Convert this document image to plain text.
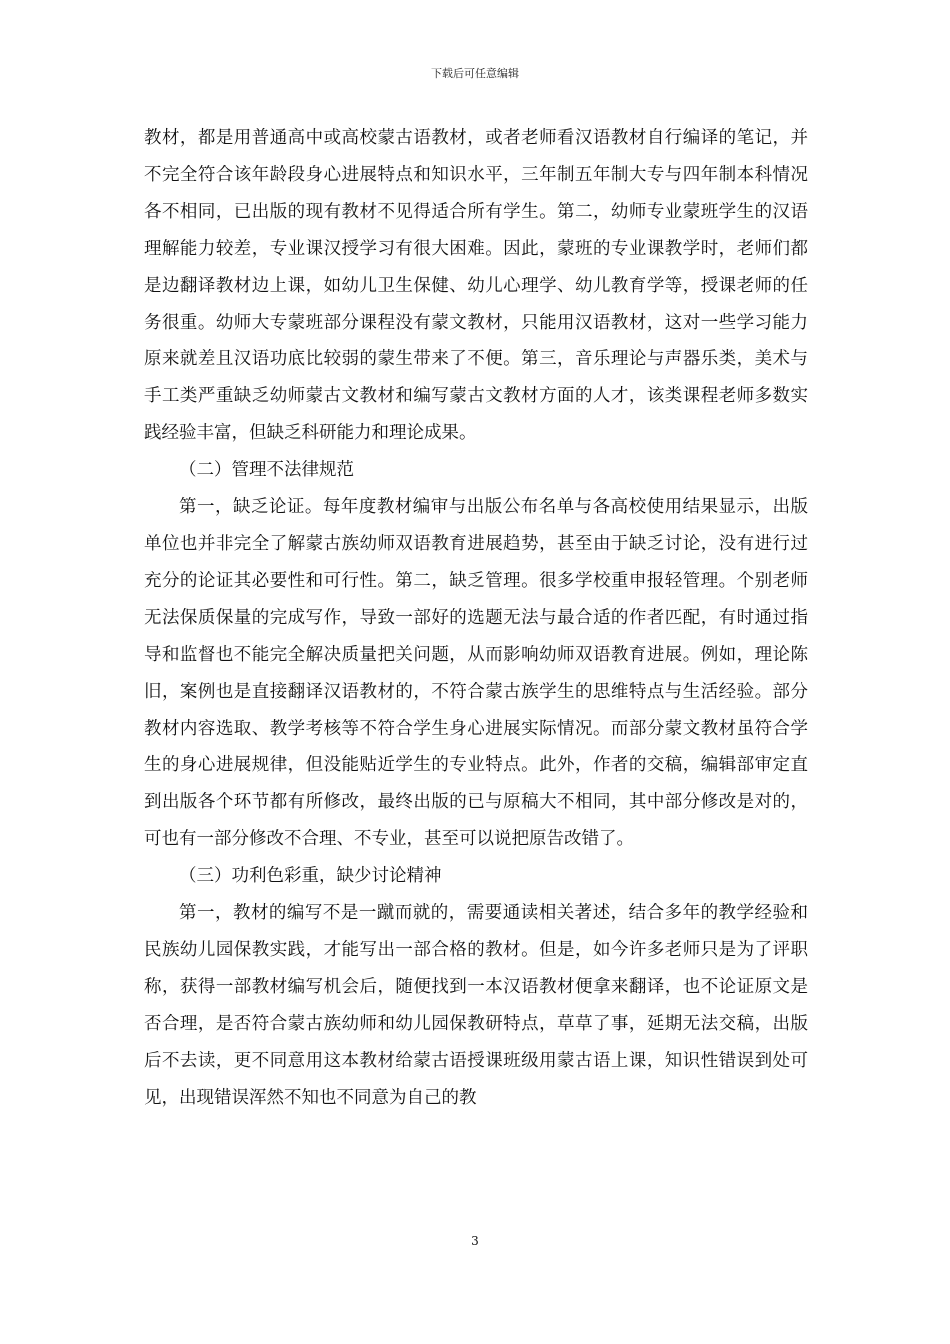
下载后可任意编辑

教材，都是用普通高中或高校蒙古语教材，或者老师看汉语教材自行编译的笔记，并不完全符合该年龄段身心进展特点和知识水平，三年制五年制大专与四年制本科情况各不相同，已出版的现有教材不见得适合所有学生。第二，幼师专业蒙班学生的汉语理解能力较差，专业课汉授学习有很大困难。因此，蒙班的专业课教学时，老师们都是边翻译教材边上课，如幼儿卫生保健、幼儿心理学、幼儿教育学等，授课老师的任务很重。幼师大专蒙班部分课程没有蒙文教材，只能用汉语教材，这对一些学习能力原来就差且汉语功底比较弱的蒙生带来了不便。第三，音乐理论与声器乐类，美术与手工类严重缺乏幼师蒙古文教材和编写蒙古文教材方面的人才，该类课程老师多数实践经验丰富，但缺乏科研能力和理论成果。

（二）管理不法律规范

第一，缺乏论证。每年度教材编审与出版公布名单与各高校使用结果显示，出版单位也并非完全了解蒙古族幼师双语教育进展趋势，甚至由于缺乏讨论，没有进行过充分的论证其必要性和可行性。第二，缺乏管理。很多学校重申报轻管理。个别老师无法保质保量的完成写作，导致一部好的选题无法与最合适的作者匹配，有时通过指导和监督也不能完全解决质量把关问题，从而影响幼师双语教育进展。例如，理论陈旧，案例也是直接翻译汉语教材的，不符合蒙古族学生的思维特点与生活经验。部分教材内容选取、教学考核等不符合学生身心进展实际情况。而部分蒙文教材虽符合学生的身心进展规律，但没能贴近学生的专业特点。此外，作者的交稿，编辑部审定直到出版各个环节都有所修改，最终出版的已与原稿大不相同，其中部分修改是对的，可也有一部分修改不合理、不专业，甚至可以说把原告改错了。

（三）功利色彩重，缺少讨论精神

第一，教材的编写不是一蹴而就的，需要通读相关著述，结合多年的教学经验和民族幼儿园保教实践，才能写出一部合格的教材。但是，如今许多老师只是为了评职称，获得一部教材编写机会后，随便找到一本汉语教材便拿来翻译，也不论证原文是否合理，是否符合蒙古族幼师和幼儿园保教研特点，草草了事，延期无法交稿，出版后不去读，更不同意用这本教材给蒙古语授课班级用蒙古语上课，知识性错误到处可见，出现错误浑然不知也不同意为自己的教

3
